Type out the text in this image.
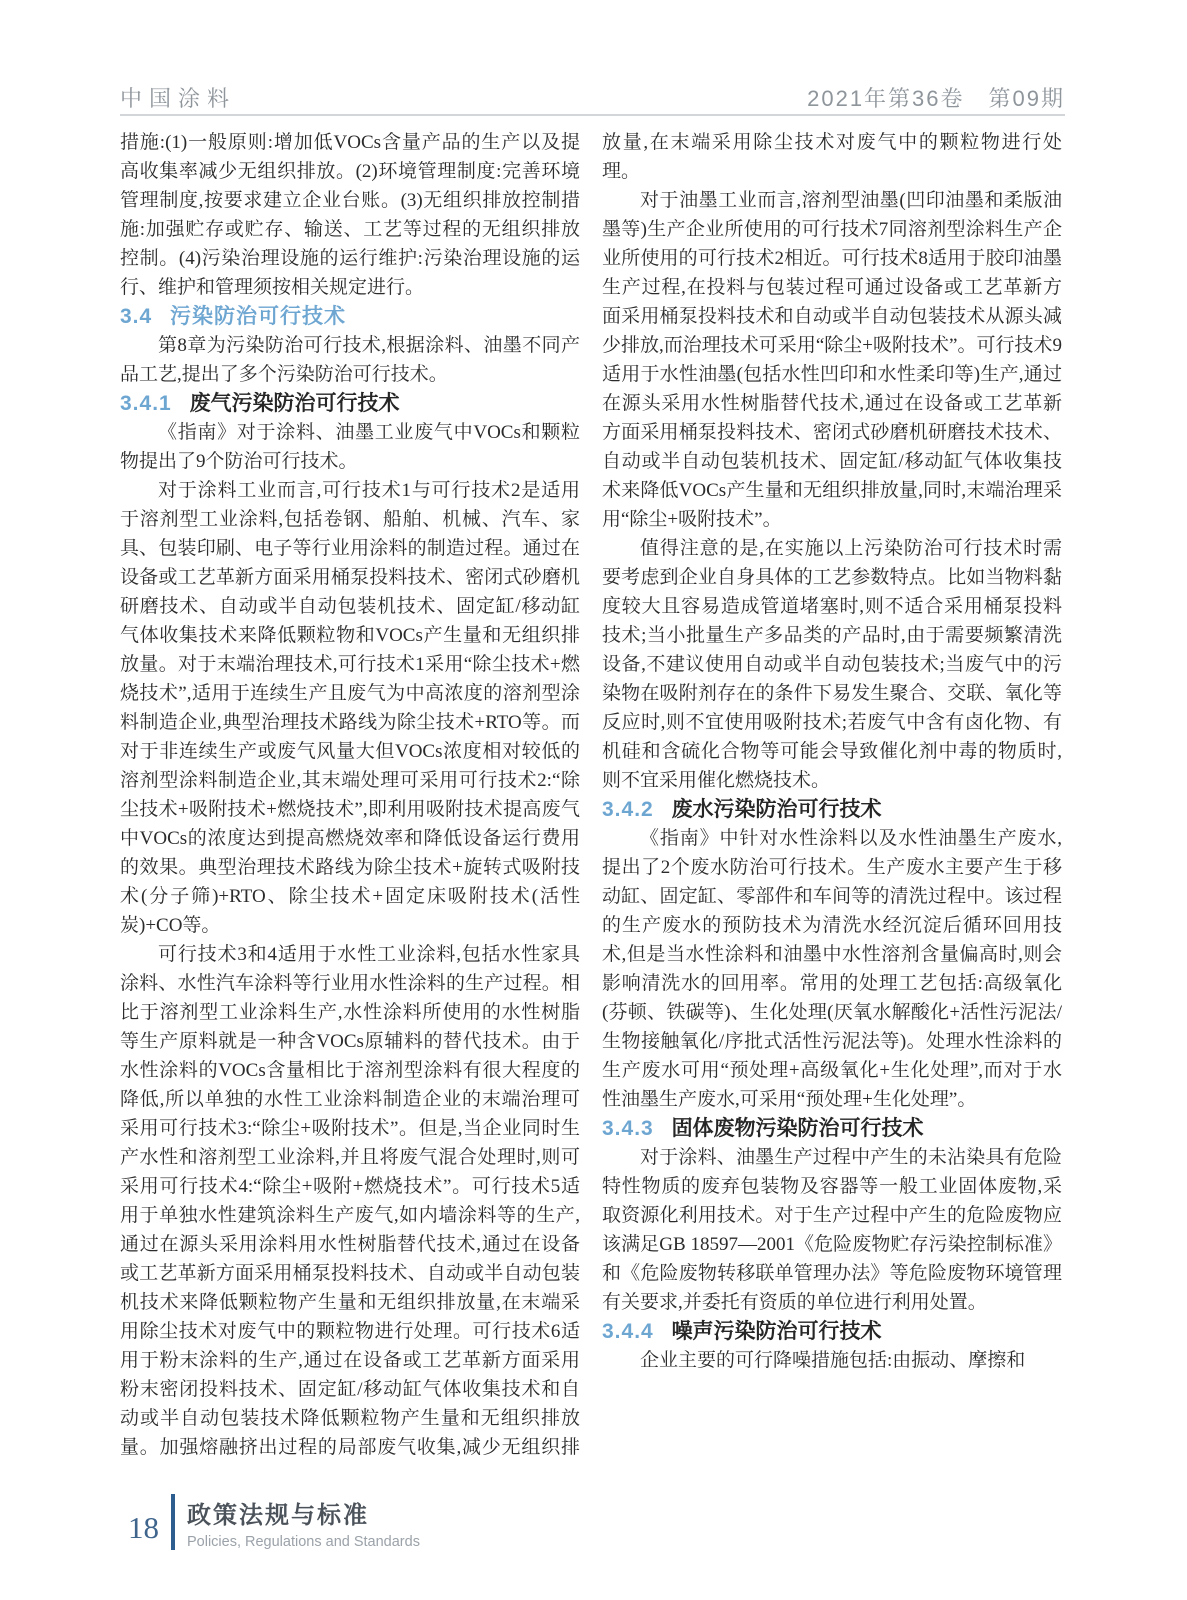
中国涂料	2021年第36卷　第09期

措施:(1)一般原则:增加低VOCs含量产品的生产以及提高收集率减少无组织排放。(2)环境管理制度:完善环境管理制度,按要求建立企业台账。(3)无组织排放控制措施:加强贮存或贮存、输送、工艺等过程的无组织排放控制。(4)污染治理设施的运行维护:污染治理设施的运行、维护和管理须按相关规定进行。

3.4 污染防治可行技术

第8章为污染防治可行技术,根据涂料、油墨不同产品工艺,提出了多个污染防治可行技术。

3.4.1 废气污染防治可行技术

《指南》对于涂料、油墨工业废气中VOCs和颗粒物提出了9个防治可行技术。

对于涂料工业而言,可行技术1与可行技术2是适用于溶剂型工业涂料,包括卷钢、船舶、机械、汽车、家具、包装印刷、电子等行业用涂料的制造过程。通过在设备或工艺革新方面采用桶泵投料技术、密闭式砂磨机研磨技术、自动或半自动包装机技术、固定缸/移动缸气体收集技术来降低颗粒物和VOCs产生量和无组织排放量。对于末端治理技术,可行技术1采用“除尘技术+燃烧技术”,适用于连续生产且废气为中高浓度的溶剂型涂料制造企业,典型治理技术路线为除尘技术+RTO等。而对于非连续生产或废气风量大但VOCs浓度相对较低的溶剂型涂料制造企业,其末端处理可采用可行技术2:“除尘技术+吸附技术+燃烧技术”,即利用吸附技术提高废气中VOCs的浓度达到提高燃烧效率和降低设备运行费用的效果。典型治理技术路线为除尘技术+旋转式吸附技术(分子筛)+RTO、除尘技术+固定床吸附技术(活性炭)+CO等。

可行技术3和4适用于水性工业涂料,包括水性家具涂料、水性汽车涂料等行业用水性涂料的生产过程。相比于溶剂型工业涂料生产,水性涂料所使用的水性树脂等生产原料就是一种含VOCs原辅料的替代技术。由于水性涂料的VOCs含量相比于溶剂型涂料有很大程度的降低,所以单独的水性工业涂料制造企业的末端治理可采用可行技术3:“除尘+吸附技术”。但是,当企业同时生产水性和溶剂型工业涂料,并且将废气混合处理时,则可采用可行技术4:“除尘+吸附+燃烧技术”。可行技术5适用于单独水性建筑涂料生产废气,如内墙涂料等的生产,通过在源头采用涂料用水性树脂替代技术,通过在设备或工艺革新方面采用桶泵投料技术、自动或半自动包装机技术来降低颗粒物产生量和无组织排放量,在末端采用除尘技术对废气中的颗粒物进行处理。可行技术6适用于粉末涂料的生产,通过在设备或工艺革新方面采用粉末密闭投料技术、固定缸/移动缸气体收集技术和自动或半自动包装技术降低颗粒物产生量和无组织排放量。加强熔融挤出过程的局部废气收集,减少无组织排放量,在末端采用除尘技术对废气中的颗粒物进行处理。

对于油墨工业而言,溶剂型油墨(凹印油墨和柔版油墨等)生产企业所使用的可行技术7同溶剂型涂料生产企业所使用的可行技术2相近。可行技术8适用于胶印油墨生产过程,在投料与包装过程可通过设备或工艺革新方面采用桶泵投料技术和自动或半自动包装技术从源头减少排放,而治理技术可采用“除尘+吸附技术”。可行技术9适用于水性油墨(包括水性凹印和水性柔印等)生产,通过在源头采用水性树脂替代技术,通过在设备或工艺革新方面采用桶泵投料技术、密闭式砂磨机研磨技术技术、自动或半自动包装机技术、固定缸/移动缸气体收集技术来降低VOCs产生量和无组织排放量,同时,末端治理采用“除尘+吸附技术”。

值得注意的是,在实施以上污染防治可行技术时需要考虑到企业自身具体的工艺参数特点。比如当物料黏度较大且容易造成管道堵塞时,则不适合采用桶泵投料技术;当小批量生产多品类的产品时,由于需要频繁清洗设备,不建议使用自动或半自动包装技术;当废气中的污染物在吸附剂存在的条件下易发生聚合、交联、氧化等反应时,则不宜使用吸附技术;若废气中含有卤化物、有机硅和含硫化合物等可能会导致催化剂中毒的物质时,则不宜采用催化燃烧技术。

3.4.2 废水污染防治可行技术

《指南》中针对水性涂料以及水性油墨生产废水,提出了2个废水防治可行技术。生产废水主要产生于移动缸、固定缸、零部件和车间等的清洗过程中。该过程的生产废水的预防技术为清洗水经沉淀后循环回用技术,但是当水性涂料和油墨中水性溶剂含量偏高时,则会影响清洗水的回用率。常用的处理工艺包括:高级氧化(芬顿、铁碳等)、生化处理(厌氧水解酸化+活性污泥法/生物接触氧化/序批式活性污泥法等)。处理水性涂料的生产废水可用“预处理+高级氧化+生化处理”,而对于水性油墨生产废水,可采用“预处理+生化处理”。

3.4.3 固体废物污染防治可行技术

对于涂料、油墨生产过程中产生的未沾染具有危险特性物质的废弃包装物及容器等一般工业固体废物,采取资源化利用技术。对于生产过程中产生的危险废物应该满足GB 18597—2001《危险废物贮存污染控制标准》和《危险废物转移联单管理办法》等危险废物环境管理有关要求,并委托有资质的单位进行利用处置。

3.4.4 噪声污染防治可行技术

企业主要的可行降噪措施包括:由振动、摩擦和

18 政策法规与标准
Policies, Regulations and Standards
